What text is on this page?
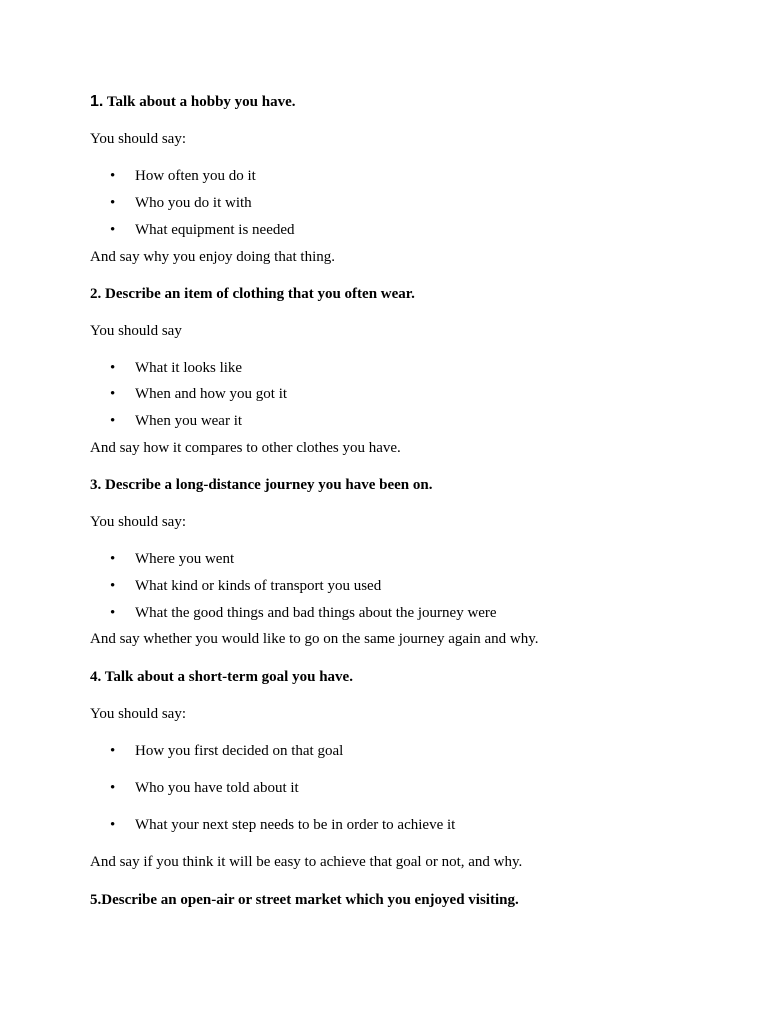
1. Talk about a hobby you have.
You should say:
• How often you do it
• Who you do it with
• What equipment is needed
And say why you enjoy doing that thing.
2. Describe an item of clothing that you often wear.
You should say
• What it looks like
• When and how you got it
• When you wear it
And say how it compares to other clothes you have.
3. Describe a long-distance journey you have been on.
You should say:
• Where you went
• What kind or kinds of transport you used
• What the good things and bad things about the journey were
And say whether you would like to go on the same journey again and why.
4. Talk about a short-term goal you have.
You should say:
• How you first decided on that goal
• Who you have told about it
• What your next step needs to be in order to achieve it
And say if you think it will be easy to achieve that goal or not, and why.
5.Describe an open-air or street market which you enjoyed visiting.
